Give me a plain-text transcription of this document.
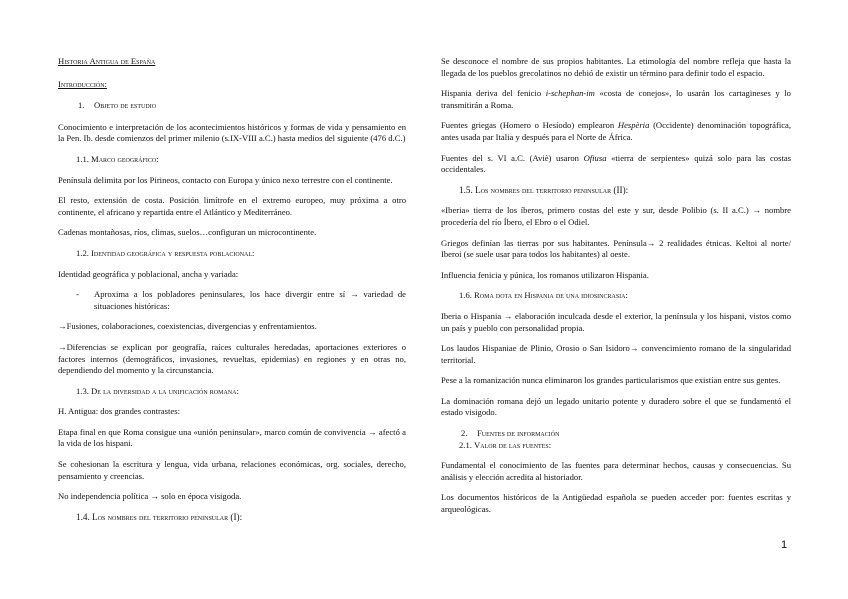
Historia Antigua de España

Introducción:

1. Objeto de estudio

Conocimiento e interpretación de los acontecimientos históricos y formas de vida y pensamiento en la Pen. Ib. desde comienzos del primer milenio (s.IX-VIII a.C.) hasta medios del siguiente (476 d.C.)

1.1. Marco geográfico:

Península delimita por los Pirineos, contacto con Europa y único nexo terrestre con el continente.

El resto, extensión de costa. Posición limítrofe en el extremo europeo, muy próxima a otro continente, el africano y repartida entre el Atlántico y Mediterráneo.

Cadenas montañosas, ríos, climas, suelos…configuran un microcontinente.

1.2. Identidad geográfica y respuesta poblacional:

Identidad geográfica y poblacional, ancha y variada:

-	Aproxima a los pobladores peninsulares, los hace divergir entre sí → variedad de situaciones históricas:

→Fusiones, colaboraciones, coexistencias, divergencias y enfrentamientos.

→Diferencias se explican por geografía, raíces culturales heredadas, aportaciones exteriores o factores internos (demográficos, invasiones, revueltas, epidemias) en regiones y en otras no, dependiendo del momento y la circunstancia.

1.3. De la diversidad a la unificación romana:

H. Antigua: dos grandes contrastes:

Etapa final en que Roma consigue una «unión peninsular», marco común de convivencia → afectó a la vida de los hispani.

Se cohesionan la escritura y lengua, vida urbana, relaciones económicas, org. sociales, derecho, pensamiento y creencias.

No independencia política → solo en época visigoda.

1.4. Los nombres del territorio peninsular (I):

Se desconoce el nombre de sus propios habitantes. La etimología del nombre refleja que hasta la llegada de los pueblos grecolatinos no debió de existir un término para definir todo el espacio.

Hispania deriva del fenicio i-schephan-im «costa de conejos», lo usarán los cartagineses y lo transmitirán a Roma.

Fuentes griegas (Homero o Hesíodo) emplearon Hespèria (Occidente) denominación topográfica, antes usada par Italia y después para el Norte de África.

Fuentes del s. VI a.C. (Aviè) usaron Ofiusa «tierra de serpientes» quizá solo para las costas occidentales.

1.5. Los nombres del territorio peninsular (II):

«Iberia» tierra de los íberos, primero costas del este y sur, desde Polibio (s. II a.C.) → nombre procedería del río Íbero, el Ebro o el Odiel.

Griegos definían las tierras por sus habitantes. Península→ 2 realidades étnicas. Keltoi al norte/ Iberoi (se suele usar para todos los habitantes) al oeste.

Influencia fenicia y púnica, los romanos utilizaron Hispania.

1.6. Roma dota en Hispania de una idiosincrasia:

Iberia o Hispania → elaboración inculcada desde el exterior, la península y los hispani, vistos como un país y pueblo con personalidad propia.

Los laudos Hispaniae de Plinio, Orosio o San Isidoro→ convencimiento romano de la singularidad territorial.

Pese a la romanización nunca eliminaron los grandes particularismos que existían entre sus gentes.

La dominación romana dejó un legado unitario potente y duradero sobre el que se fundamentó el estado visigodo.

2. Fuentes de información

2.1. Valor de las fuentes:

Fundamental el conocimiento de las fuentes para determinar hechos, causas y consecuencias. Su análisis y elección acredita al historiador.

Los documentos históricos de la Antigüedad española se pueden acceder por: fuentes escritas y arqueológicas.

1
